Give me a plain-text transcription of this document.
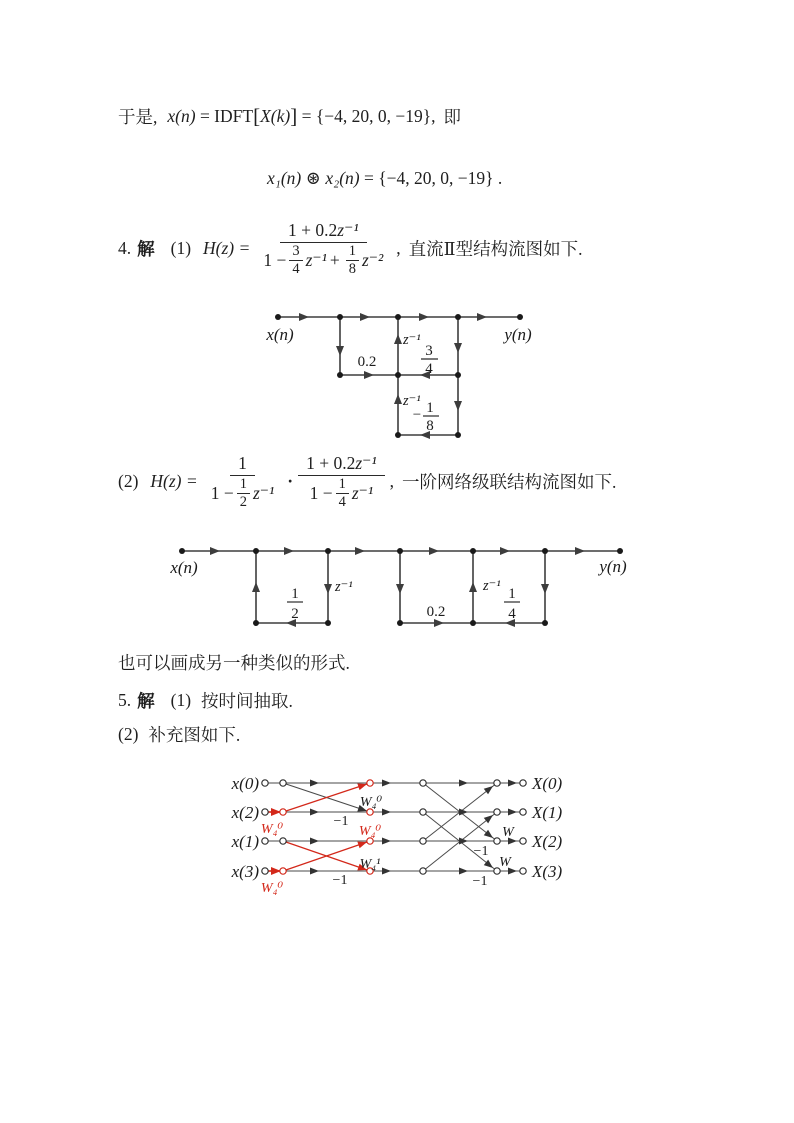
于是, x(n) = IDFT [ X(k) ] = {−4, 20, 0, −19}, 即
x₁(n) ⊛ x₂(n) = {−4, 20, 0, −19} .
4. 解 (1) $H(z) = \frac{\text{1 + 0.2 z⁻¹}}{1 - \frac{3}{4} z^{-1} + \frac{1}{8} z^{-2}}$ , 直流Ⅱ型结构流图如下.
x(n)	y(n)
0.2
z⁻¹
3
4
z⁻¹
− 1
8
(2) $H(z) = \frac{1}{1 - \frac{1}{2} z^{-1}} \cdot \frac{\text{1 + 0.2 z⁻¹}}{1 - \frac{1}{4} z^{-1}}$ , 一阶网络级联结构流图如下.
x(n)	y(n)
1
2
z⁻¹
0.2
z⁻¹ 1
4
也可以画成另一种类似的形式.
5. 解 (1) 按时间抽取.
(2) 补充图如下.
x(0)
x(2)
x(1)
x(3)
X(0)
X(1)
X(2)
X(3)
W₄⁰
W₄⁰
W₄⁰
W₄⁰
W₄¹
−1
−1
−1
−1
W
W
